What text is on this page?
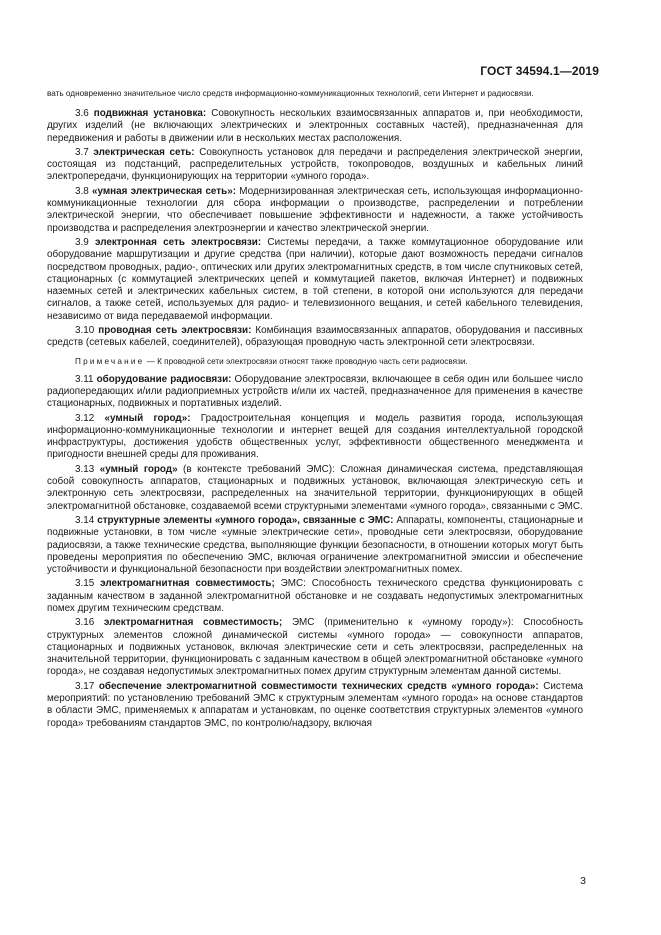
ГОСТ 34594.1—2019

вать одновременно значительное число средств информационно-коммуникационных технологий, сети Интернет и радиосвязи.

3.6 подвижная установка: Совокупность нескольких взаимосвязанных аппаратов и, при необходимости, других изделий (не включающих электрических и электронных составных частей), предназначенная для передвижения и работы в движении или в нескольких местах расположения.

3.7 электрическая сеть: Совокупность установок для передачи и распределения электрической энергии, состоящая из подстанций, распределительных устройств, токопроводов, воздушных и кабельных линий электропередачи, функционирующих на территории «умного города».

3.8 «умная электрическая сеть»: Модернизированная электрическая сеть, использующая информационно-коммуникационные технологии для сбора информации о производстве, распределении и потреблении электрической энергии, что обеспечивает повышение эффективности и надежности, а также устойчивость производства и распределения электроэнергии и качество электрической энергии.

3.9 электронная сеть электросвязи: Системы передачи, а также коммутационное оборудование или оборудование маршрутизации и другие средства (при наличии), которые дают возможность передачи сигналов посредством проводных, радио-, оптических или других электромагнитных средств, в том числе спутниковых сетей, стационарных (с коммутацией электрических цепей и коммутацией пакетов, включая Интернет) и подвижных наземных сетей и электрических кабельных систем, в той степени, в которой они используются для передачи сигналов, а также сетей, используемых для радио- и телевизионного вещания, и сетей кабельного телевидения, независимо от вида передаваемой информации.

3.10 проводная сеть электросвязи: Комбинация взаимосвязанных аппаратов, оборудования и пассивных средств (сетевых кабелей, соединителей), образующая проводную часть электронной сети электросвязи.

Примечание — К проводной сети электросвязи относят также проводную часть сети радиосвязи.

3.11 оборудование радиосвязи: Оборудование электросвязи, включающее в себя один или большее число радиопередающих и/или радиоприемных устройств и/или их частей, предназначенное для применения в качестве стационарных, подвижных и портативных изделий.

3.12 «умный город»: Градостроительная концепция и модель развития города, использующая информационно-коммуникационные технологии и интернет вещей для создания интеллектуальной городской инфраструктуры, достижения удобств общественных услуг, эффективности общественного менеджмента и пригодности внешней среды для проживания.

3.13 «умный город» (в контексте требований ЭМС): Сложная динамическая система, представляющая собой совокупность аппаратов, стационарных и подвижных установок, включающая электрическую сеть и электронную сеть электросвязи, распределенных на значительной территории, функционирующих в общей электромагнитной обстановке, создаваемой всеми структурными элементами «умного города», связанными с ЭМС.

3.14 структурные элементы «умного города», связанные с ЭМС: Аппараты, компоненты, стационарные и подвижные установки, в том числе «умные электрические сети», проводные сети электросвязи, оборудование радиосвязи, а также технические средства, выполняющие функции безопасности, в отношении которых могут быть проведены мероприятия по обеспечению ЭМС, включая ограничение электромагнитной эмиссии и обеспечение устойчивости и функциональной безопасности при воздействии электромагнитных помех.

3.15 электромагнитная совместимость; ЭМС: Способность технического средства функционировать с заданным качеством в заданной электромагнитной обстановке и не создавать недопустимых электромагнитных помех другим техническим средствам.

3.16 электромагнитная совместимость; ЭМС (применительно к «умному городу»): Способность структурных элементов сложной динамической системы «умного города» — совокупности аппаратов, стационарных и подвижных установок, включая электрические сети и сеть электросвязи, распределенных на значительной территории, функционировать с заданным качеством в общей электромагнитной обстановке «умного города», не создавая недопустимых электромагнитных помех другим структурным элементам данной системы.

3.17 обеспечение электромагнитной совместимости технических средств «умного города»: Система мероприятий: по установлению требований ЭМС к структурным элементам «умного города» на основе стандартов в области ЭМС, применяемых к аппаратам и установкам, по оценке соответствия структурных элементов «умного города» требованиям стандартов ЭМС, по контролю/надзору, включая

3
